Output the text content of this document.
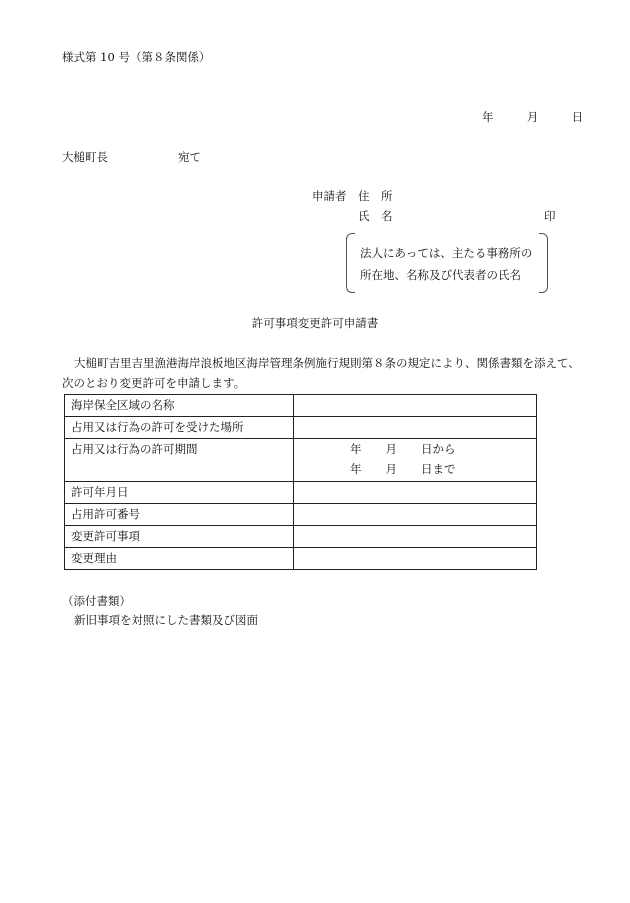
様式第 10 号（第８条関係）
年	月	日
大槌町長	宛て
申請者	住　所
氏　名	印
法人にあっては、主たる事務所の
所在地、名称及び代表者の氏名
許可事項変更許可申請書
大槌町吉里吉里漁港海岸浪板地区海岸管理条例施行規則第８条の規定により、関係書類を添えて、次のとおり変更許可を申請します。
海岸保全区域の名称	
占用又は行為の許可を受けた場所	
占用又は行為の許可期間	年 月 日から
年 月 日まで

許可年月日	
占用許可番号	
変更許可事項	
変更理由	
（添付書類）
新旧事項を対照にした書類及び図面
